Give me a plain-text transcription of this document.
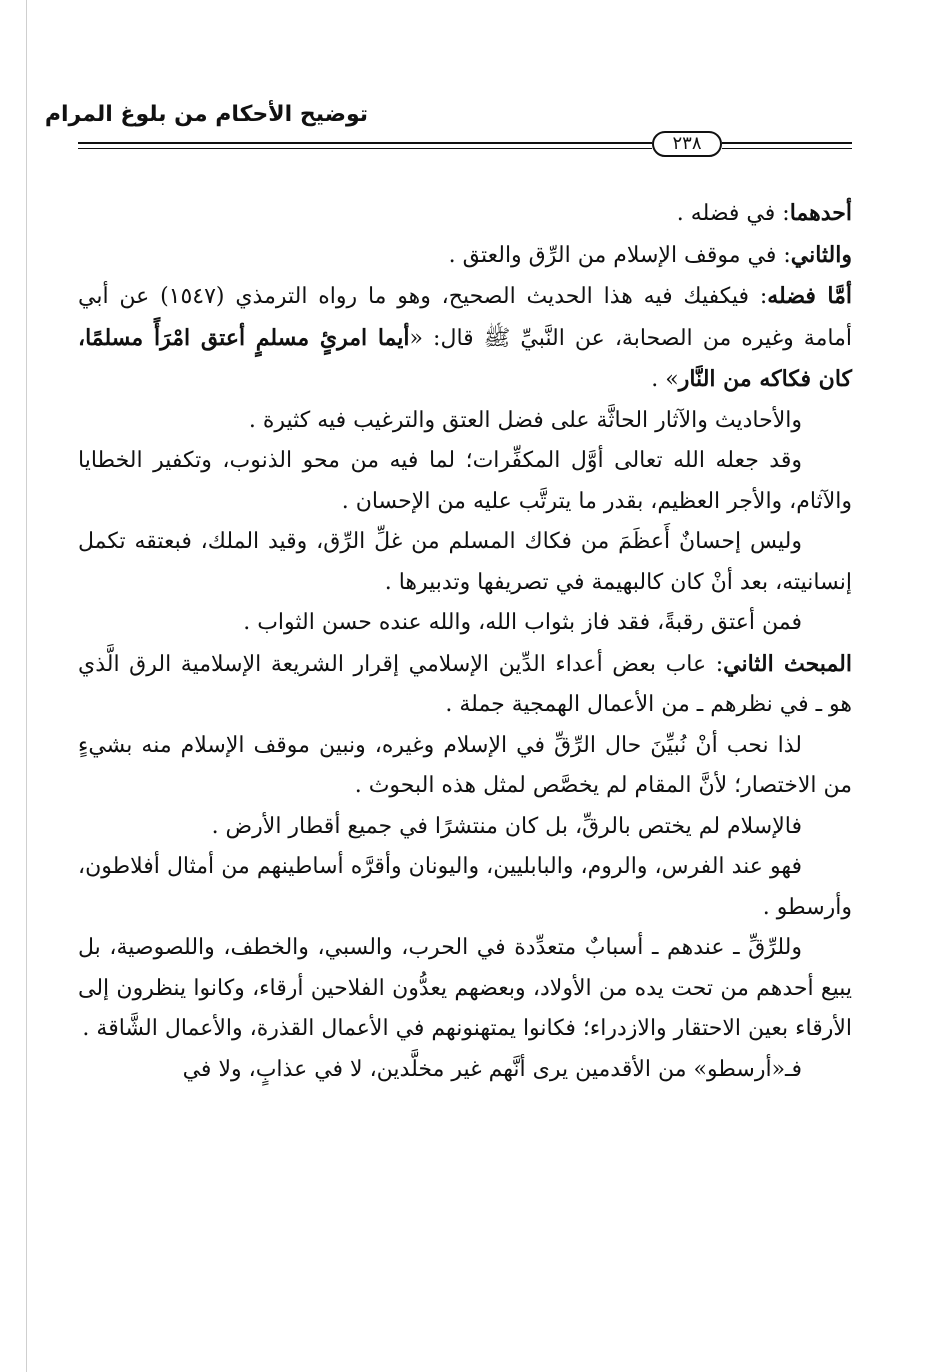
توضيح الأحكام من بلوغ المرام
٢٣٨

أحدهما: في فضله .

والثاني: في موقف الإسلام من الرِّق والعتق .

أمَّا فضله: فيكفيك فيه هذا الحديث الصحيح، وهو ما رواه الترمذي (١٥٤٧) عن أبي أمامة وغيره من الصحابة، عن النَّبيِّ ﷺ قال: «أيما امرئٍ مسلمٍ أعتق امْرَأً مسلمًا، كان فكاكه من النَّار» .

والأحاديث والآثار الحاثَّة على فضل العتق والترغيب فيه كثيرة .

وقد جعله الله تعالى أوَّل المكفِّرات؛ لما فيه من محو الذنوب، وتكفير الخطايا والآثام، والأجر العظيم، بقدر ما يترتَّب عليه من الإحسان .

وليس إحسانٌ أَعظَمَ من فكاك المسلم من غلِّ الرِّق، وقيد الملك، فبعتقه تكمل إنسانيته، بعد أنْ كان كالبهيمة في تصريفها وتدبيرها .

فمن أعتق رقبةً، فقد فاز بثواب الله، والله عنده حسن الثواب .

المبحث الثاني: عاب بعض أعداء الدِّين الإسلامي إقرار الشريعة الإسلامية الرق الَّذي هو ـ في نظرهم ـ من الأعمال الهمجية جملة .

لذا نحب أنْ نُبيِّنَ حال الرِّقِّ في الإسلام وغيره، ونبين موقف الإسلام منه بشيءٍ من الاختصار؛ لأنَّ المقام لم يخصَّص لمثل هذه البحوث .

فالإسلام لم يختص بالرقِّ، بل كان منتشرًا في جميع أقطار الأرض .

فهو عند الفرس، والروم، والبابليين، واليونان وأقرَّه أساطينهم من أمثال أفلاطون، وأرسطو .

وللرِّقِّ ـ عندهم ـ أسبابٌ متعدِّدة في الحرب، والسبي، والخطف، واللصوصية، بل يبيع أحدهم من تحت يده من الأولاد، وبعضهم يعدُّون الفلاحين أرقاء، وكانوا ينظرون إلى الأرقاء بعين الاحتقار والازدراء؛ فكانوا يمتهنونهم في الأعمال القذرة، والأعمال الشَّاقة .

فـ«أرسطو» من الأقدمين يرى أنَّهم غير مخلَّدين، لا في عذابٍ، ولا في
